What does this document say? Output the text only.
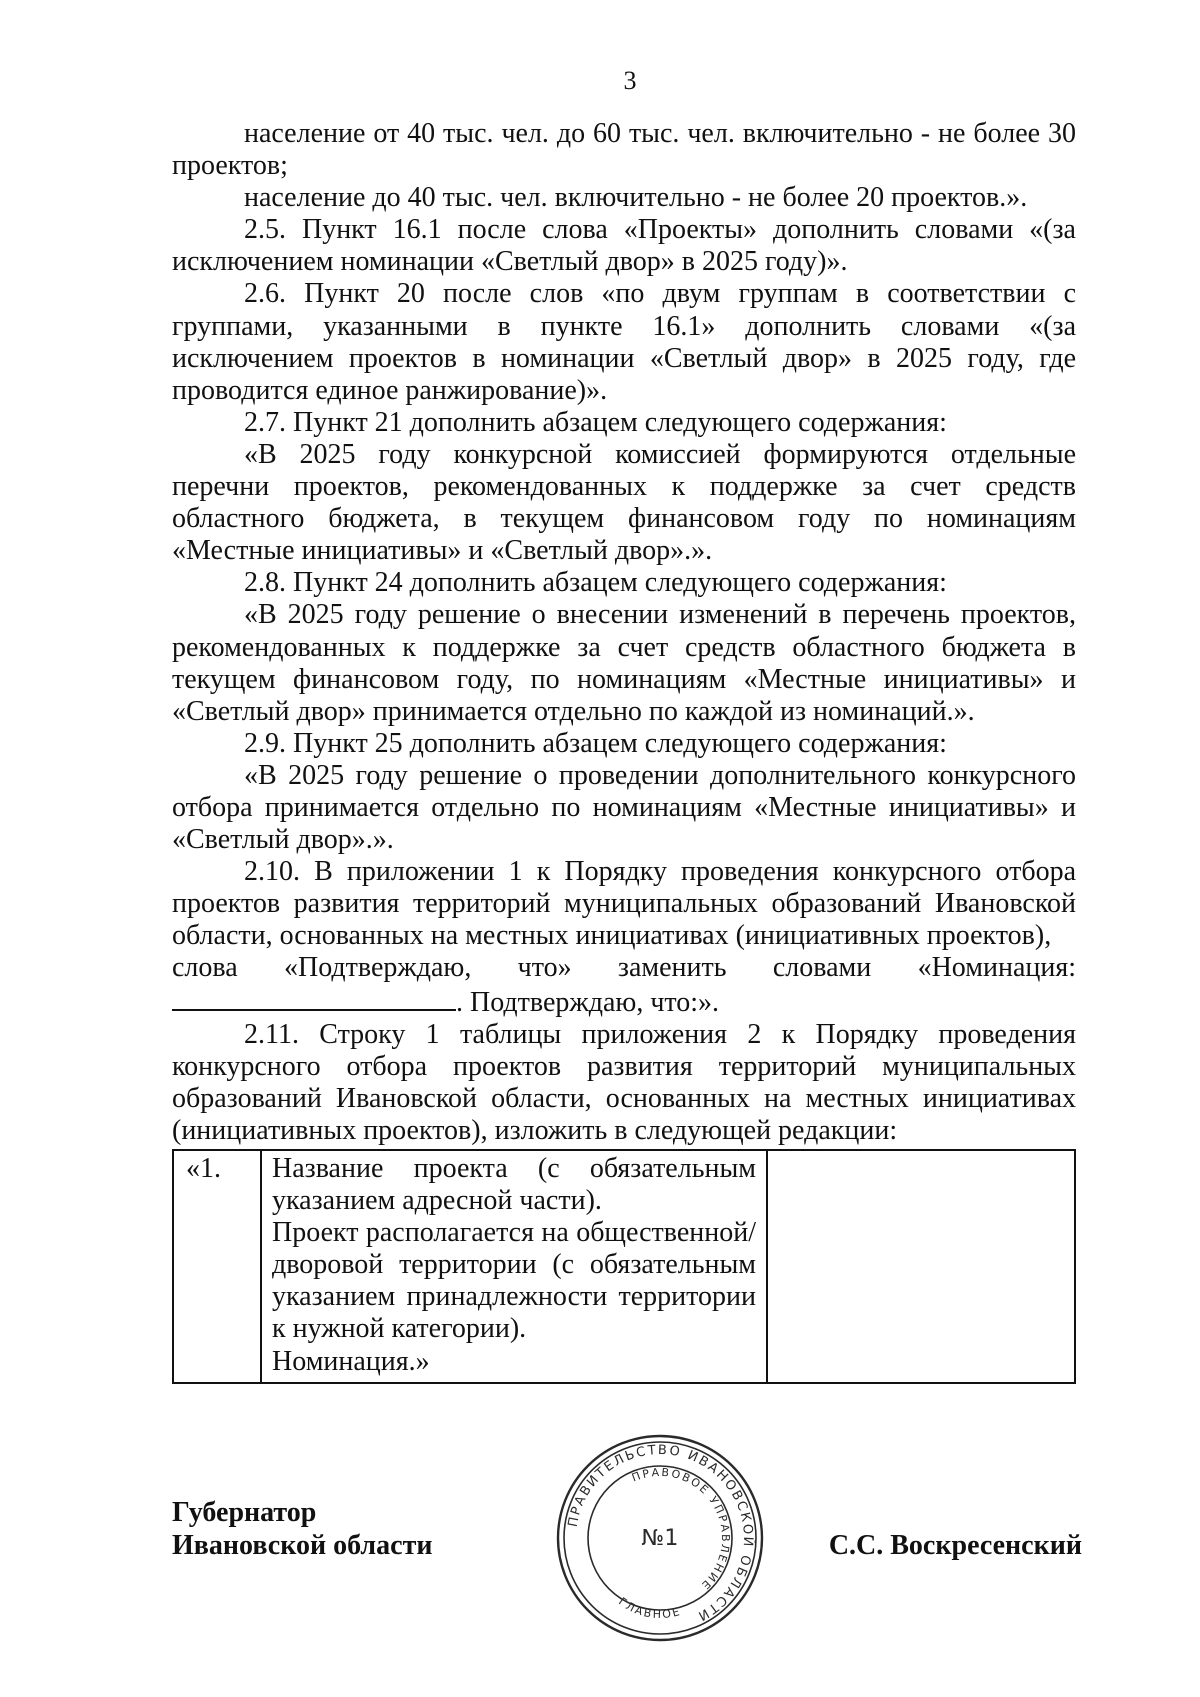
3

население от 40 тыс. чел. до 60 тыс. чел. включительно - не более 30 проектов;

население до 40 тыс. чел. включительно - не более 20 проектов.».

2.5. Пункт 16.1 после слова «Проекты» дополнить словами «(за исключением номинации «Светлый двор» в 2025 году)».

2.6. Пункт 20 после слов «по двум группам в соответствии с группами, указанными в пункте 16.1» дополнить словами «(за исключением проектов в номинации «Светлый двор» в 2025 году, где проводится единое ранжирование)».

2.7. Пункт 21 дополнить абзацем следующего содержания:

«В 2025 году конкурсной комиссией формируются отдельные перечни проектов, рекомендованных к поддержке за счет средств областного бюджета, в текущем финансовом году по номинациям «Местные инициативы» и «Светлый двор».».

2.8. Пункт 24 дополнить абзацем следующего содержания:

«В 2025 году решение о внесении изменений в перечень проектов, рекомендованных к поддержке за счет средств областного бюджета в текущем финансовом году, по номинациям «Местные инициативы» и «Светлый двор» принимается отдельно по каждой из номинаций.».

2.9. Пункт 25 дополнить абзацем следующего содержания:

«В 2025 году решение о проведении дополнительного конкурсного отбора принимается отдельно по номинациям «Местные инициативы» и «Светлый двор».».

2.10. В приложении 1 к Порядку проведения конкурсного отбора проектов развития территорий муниципальных образований Ивановской области, основанных на местных инициативах (инициативных проектов),

слова «Подтверждаю, что» заменить словами «Номинация:

. Подтверждаю, что:».

2.11. Строку 1 таблицы приложения 2 к Порядку проведения конкурсного отбора проектов развития территорий муниципальных образований Ивановской области, основанных на местных инициативах (инициативных проектов), изложить в следующей редакции:

«1.	Название проекта (с обязательным указанием адресной части).
Проект располагается на общественной/ дворовой территории (с обязательным указанием принадлежности территории к нужной категории).
Номинация.»

Губернатор
Ивановской области
ПРАВИТЕЛЬСТВО ИВАНОВСКОЙ ОБЛАСТИ
ПРАВОВОЕ УПРАВЛЕНИЕ
ГЛАВНОЕ
№1	С.С. Воскресенский
